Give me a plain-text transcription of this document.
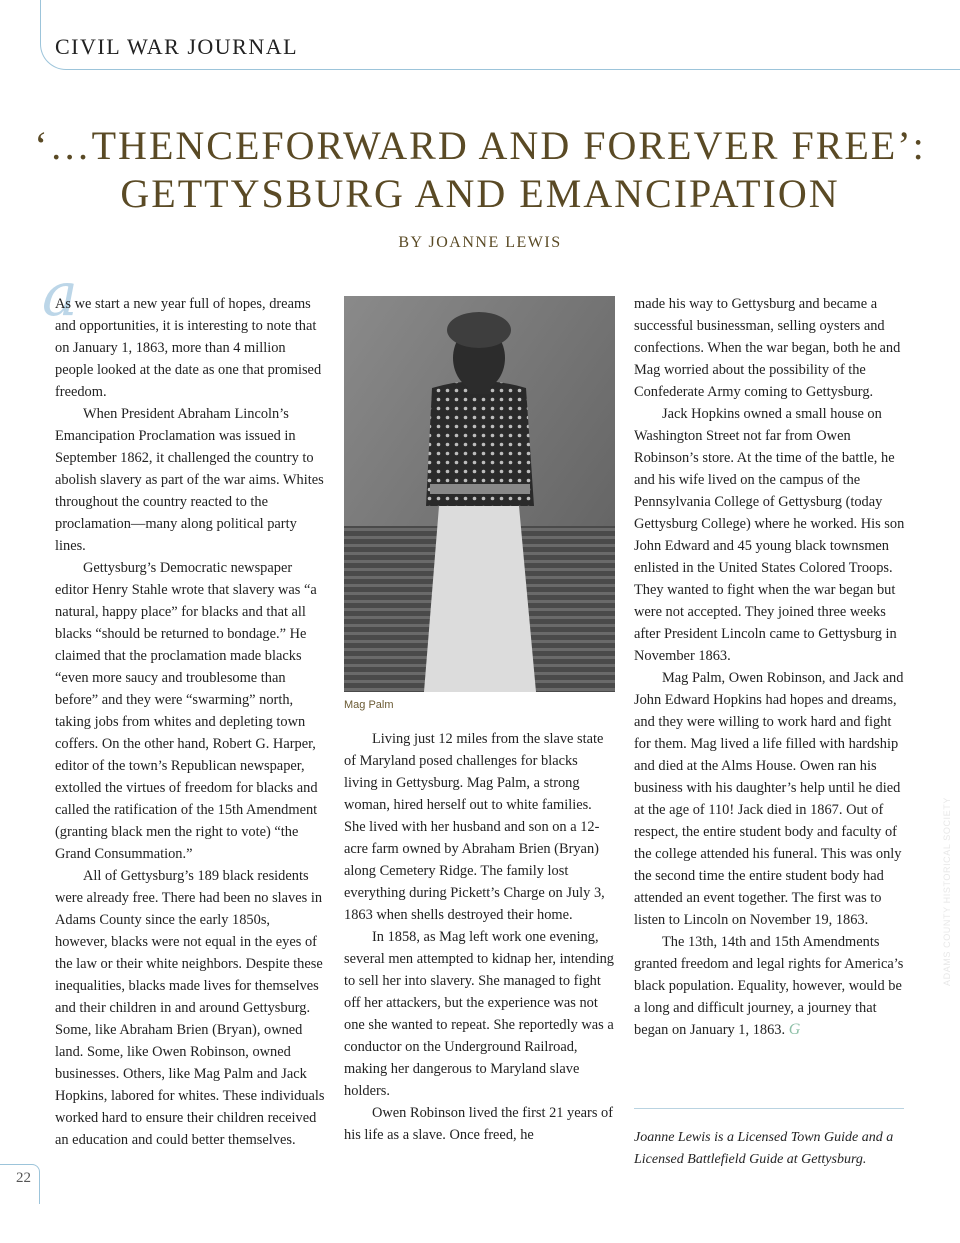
CIVIL WAR JOURNAL
‘…THENCEFORWARD AND FOREVER FREE’:
GETTYSBURG AND EMANCIPATION
BY JOANNE LEWIS
a

As we start a new year full of hopes, dreams and opportunities, it is interesting to note that on January 1, 1863, more than 4 million people looked at the date as one that promised freedom.

When President Abraham Lincoln’s Emancipation Proclamation was issued in September 1862, it challenged the country to abolish slavery as part of the war aims. Whites throughout the country reacted to the proclamation—many along political party lines.

Gettysburg’s Democratic newspaper editor Henry Stahle wrote that slavery was “a natural, happy place” for blacks and that all blacks “should be returned to bondage.” He claimed that the proclamation made blacks “even more saucy and troublesome than before” and they were “swarming” north, taking jobs from whites and depleting town coffers. On the other hand, Robert G. Harper, editor of the town’s Republican newspaper, extolled the virtues of freedom for blacks and called the ratification of the 15th Amendment (granting black men the right to vote) “the Grand Consummation.”

All of Gettysburg’s 189 black residents were already free. There had been no slaves in Adams County since the early 1850s, however, blacks were not equal in the eyes of the law or their white neighbors. Despite these inequalities, blacks made lives for themselves and their children in and around Gettysburg. Some, like Abraham Brien (Bryan), owned land. Some, like Owen Robinson, owned businesses. Others, like Mag Palm and Jack Hopkins, labored for whites. These individuals worked hard to ensure their children received an education and could better themselves.

ADAMS COUNTY HISTORICAL SOCIETY
Mag Palm

Living just 12 miles from the slave state of Maryland posed challenges for blacks living in Gettysburg. Mag Palm, a strong woman, hired herself out to white families. She lived with her husband and son on a 12-acre farm owned by Abraham Brien (Bryan) along Cemetery Ridge. The family lost everything during Pickett’s Charge on July 3, 1863 when shells destroyed their home.

In 1858, as Mag left work one evening, several men attempted to kidnap her, intending to sell her into slavery. She managed to fight off her attackers, but the experience was not one she wanted to repeat. She reportedly was a conductor on the Underground Railroad, making her dangerous to Maryland slave holders.

Owen Robinson lived the first 21 years of his life as a slave. Once freed, he

made his way to Gettysburg and became a successful businessman, selling oysters and confections. When the war began, both he and Mag worried about the possibility of the Confederate Army coming to Gettysburg.

Jack Hopkins owned a small house on Washington Street not far from Owen Robinson’s store. At the time of the battle, he and his wife lived on the campus of the Pennsylvania College of Gettysburg (today Gettysburg College) where he worked. His son John Edward and 45 young black townsmen enlisted in the United States Colored Troops. They wanted to fight when the war began but were not accepted. They joined three weeks after President Lincoln came to Gettysburg in November 1863.

Mag Palm, Owen Robinson, and Jack and John Edward Hopkins had hopes and dreams, and they were willing to work hard and fight for them. Mag lived a life filled with hardship and died at the Alms House. Owen ran his business with his daughter’s help until he died at the age of 110! Jack died in 1867. Out of respect, the entire student body and faculty of the college attended his funeral. This was only the second time the entire student body had attended an event together. The first was to listen to Lincoln on November 19, 1863.

The 13th, 14th and 15th Amendments granted freedom and legal rights for America’s black population. Equality, however, would be a long and difficult journey, a journey that began on January 1, 1863. G

Joanne Lewis is a Licensed Town Guide and a Licensed Battlefield Guide at Gettysburg.
22
